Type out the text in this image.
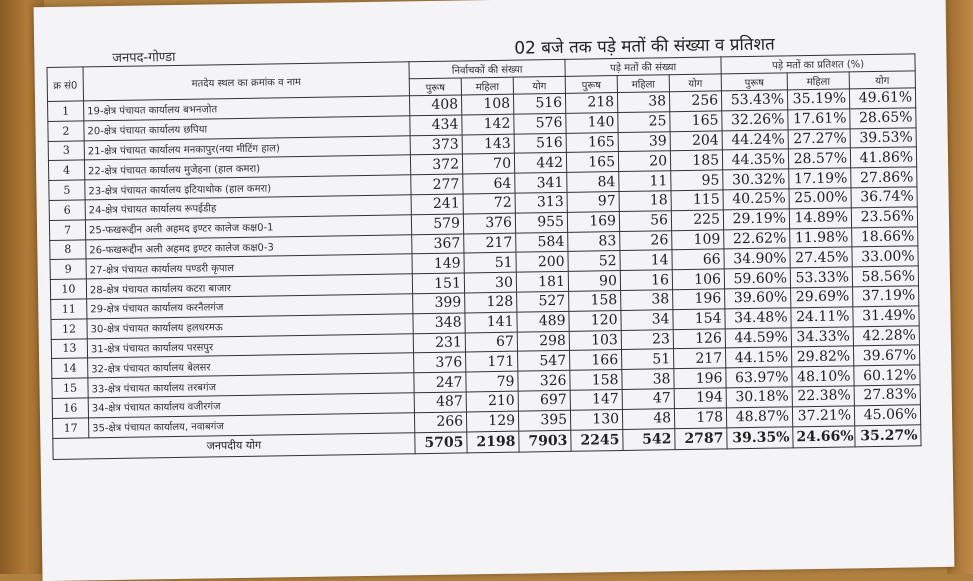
जनपद-गोण्डा	02 बजे तक पड़े मतों की संख्या व प्रतिशत
क्र सं0	मतदेय स्थल का क्रमांक व नाम	निर्वाचकों की संख्या			पड़े मतों की संख्या			पड़े मतों का प्रतिशत (%)		
		पुरूष	महिला	योग	पुरूष	महिला	योग	पुरूष	महिला	योग
1	19-क्षेत्र पंचायत कार्यालय बभनजोत	408	108	516	218	38	256	53.43%	35.19%	49.61%
2	20-क्षेत्र पंचायत कार्यालय छपिया	434	142	576	140	25	165	32.26%	17.61%	28.65%
3	21-क्षेत्र पंचायत कार्यालय मनकापुर(नया मीटिंग हाल)	373	143	516	165	39	204	44.24%	27.27%	39.53%
4	22-क्षेत्र पंचायत कार्यालय मुजेहना (हाल कमरा)	372	70	442	165	20	185	44.35%	28.57%	41.86%
5	23-क्षेत्र पंचायत कार्यालय इटियाथोक (हाल कमरा)	277	64	341	84	11	95	30.32%	17.19%	27.86%
6	24-क्षेत्र पंचायत कार्यालय रूपईडीह	241	72	313	97	18	115	40.25%	25.00%	36.74%
7	25-फखरूद्दीन अली अहमद इण्टर कालेज कक्ष0-1	579	376	955	169	56	225	29.19%	14.89%	23.56%
8	26-फखरूद्दीन अली अहमद इण्टर कालेज कक्ष0-3	367	217	584	83	26	109	22.62%	11.98%	18.66%
9	27-क्षेत्र पंचायत कार्यालय पण्डरी कृपाल	149	51	200	52	14	66	34.90%	27.45%	33.00%
10	28-क्षेत्र पंचायत कार्यालय कटरा बाजार	151	30	181	90	16	106	59.60%	53.33%	58.56%
11	29-क्षेत्र पंचायत कार्यालय करनैलगंज	399	128	527	158	38	196	39.60%	29.69%	37.19%
12	30-क्षेत्र पंचायत कार्यालय हलधरमऊ	348	141	489	120	34	154	34.48%	24.11%	31.49%
13	31-क्षेत्र पंचायत कार्यालय परसपुर	231	67	298	103	23	126	44.59%	34.33%	42.28%
14	32-क्षेत्र पंचायत कार्यालय बेलसर	376	171	547	166	51	217	44.15%	29.82%	39.67%
15	33-क्षेत्र पंचायत कार्यालय तरबगंज	247	79	326	158	38	196	63.97%	48.10%	60.12%
16	34-क्षेत्र पंचायत कार्यालय वजीरगंज	487	210	697	147	47	194	30.18%	22.38%	27.83%
17	35-क्षेत्र पंचायत कार्यालय, नवाबगंज	266	129	395	130	48	178	48.87%	37.21%	45.06%
जनपदीय योग		5705	2198	7903	2245	542	2787	39.35%	24.66%	35.27%
